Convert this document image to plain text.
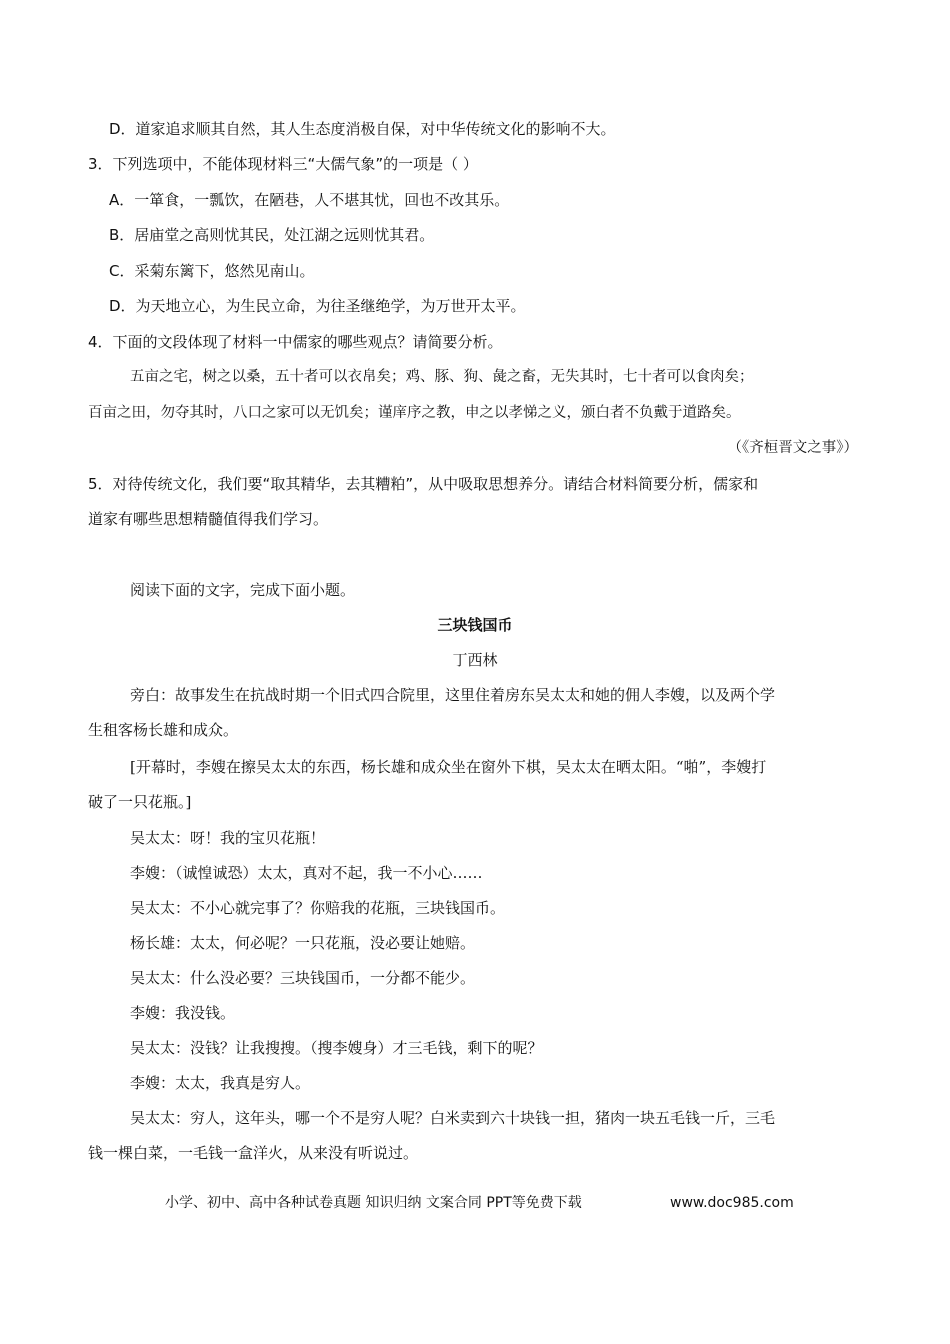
D．道家追求顺其自然，其人生态度消极自保，对中华传统文化的影响不大。
3．下列选项中，不能体现材料三“大儒气象”的一项是（ ）
A．一箪食，一瓢饮，在陋巷，人不堪其忧，回也不改其乐。
B．居庙堂之高则忧其民，处江湖之远则忧其君。
C．采菊东篱下，悠然见南山。
D．为天地立心，为生民立命，为往圣继绝学，为万世开太平。
4．下面的文段体现了材料一中儒家的哪些观点？请简要分析。
五亩之宅，树之以桑，五十者可以衣帛矣；鸡、豚、狗、彘之畜，无失其时，七十者可以食肉矣；
百亩之田，勿夺其时，八口之家可以无饥矣；谨庠序之教，申之以孝悌之义，颁白者不负戴于道路矣。
（《齐桓晋文之事》）
5．对待传统文化，我们要“取其精华，去其糟粕”，从中吸取思想养分。请结合材料简要分析，儒家和
道家有哪些思想精髓值得我们学习。
阅读下面的文字，完成下面小题。
三块钱国币
丁西林
旁白：故事发生在抗战时期一个旧式四合院里，这里住着房东吴太太和她的佣人李嫂，以及两个学
生租客杨长雄和成众。
[开幕时，李嫂在擦吴太太的东西，杨长雄和成众坐在窗外下棋，吴太太在晒太阳。“啪”，李嫂打
破了一只花瓶。]
吴太太：呀！我的宝贝花瓶！
李嫂：（诚惶诚恐）太太，真对不起，我一不小心……
吴太太：不小心就完事了？你赔我的花瓶，三块钱国币。
杨长雄：太太，何必呢？一只花瓶，没必要让她赔。
吴太太：什么没必要？三块钱国币，一分都不能少。
李嫂：我没钱。
吴太太：没钱？让我搜搜。（搜李嫂身）才三毛钱，剩下的呢？
李嫂：太太，我真是穷人。
吴太太：穷人，这年头，哪一个不是穷人呢？白米卖到六十块钱一担，猪肉一块五毛钱一斤，三毛
钱一棵白菜，一毛钱一盒洋火，从来没有听说过。
小学、初中、高中各种试卷真题 知识归纳 文案合同 PPT等免费下载	www.doc985.com
